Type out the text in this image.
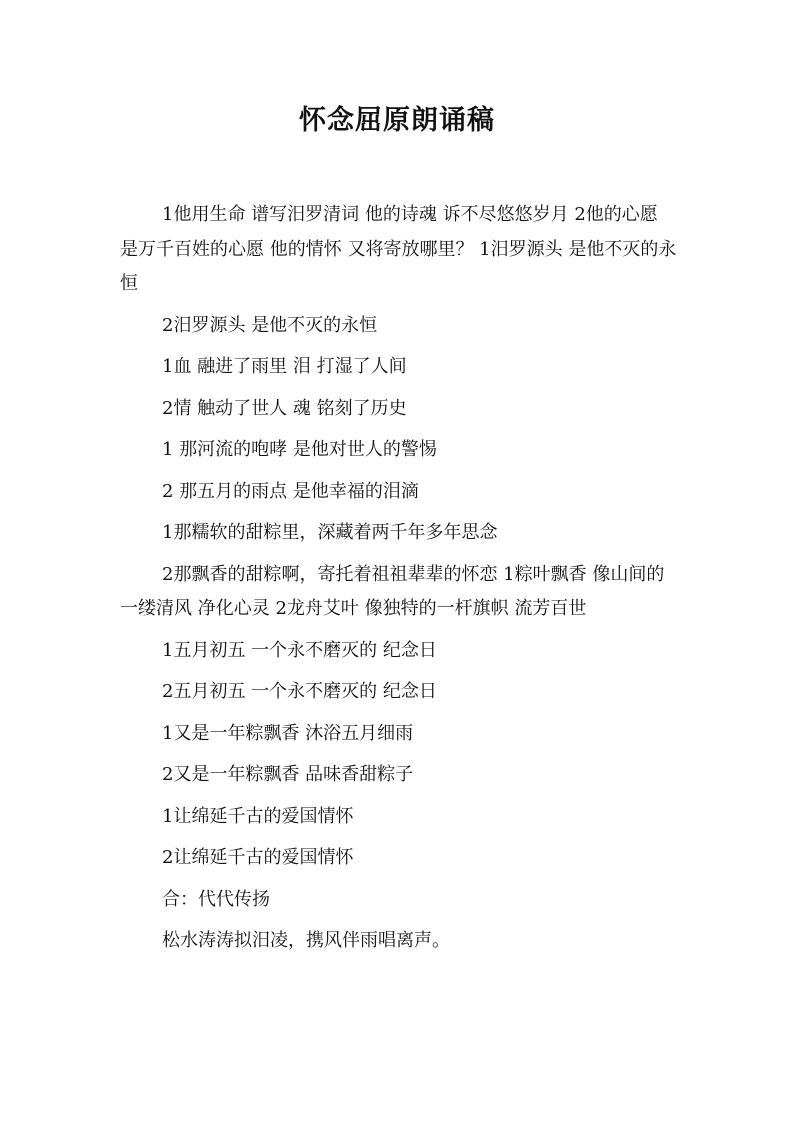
怀念屈原朗诵稿

1他用生命 谱写汨罗清词 他的诗魂 诉不尽悠悠岁月 2他的心愿 是万千百姓的心愿 他的情怀 又将寄放哪里？ 1汨罗源头 是他不灭的永恒

2汨罗源头 是他不灭的永恒

1血 融进了雨里 泪 打湿了人间

2情 触动了世人 魂 铭刻了历史

1 那河流的咆哮 是他对世人的警惕

2 那五月的雨点 是他幸福的泪滴

1那糯软的甜粽里，深藏着两千年多年思念

2那飘香的甜粽啊，寄托着祖祖辈辈的怀恋 1粽叶飘香 像山间的一缕清风 净化心灵 2龙舟艾叶 像独特的一杆旗帜 流芳百世

1五月初五 一个永不磨灭的 纪念日

2五月初五 一个永不磨灭的 纪念日

1又是一年粽飘香 沐浴五月细雨

2又是一年粽飘香 品味香甜粽子

1让绵延千古的爱国情怀

2让绵延千古的爱国情怀

合：代代传扬

松水涛涛拟汨凌，携风伴雨唱离声。
